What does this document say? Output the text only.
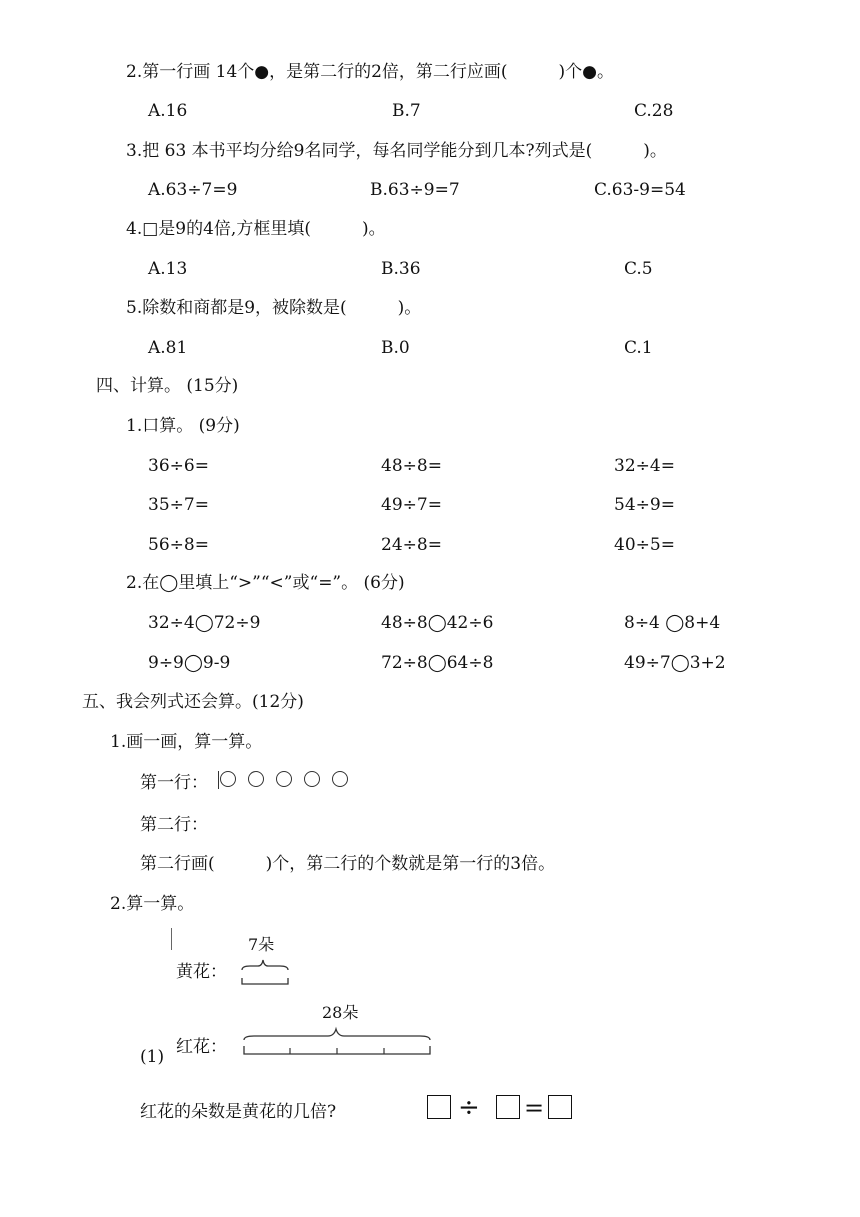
2.第一行画 14个●，是第二行的2倍，第二行应画(　　　)个●。
A.16	B.7	C.28
3.把 63 本书平均分给9名同学，每名同学能分到几本?列式是(　　　)。
A.63÷7=9	B.63÷9=7	C.63-9=54
4.□是9的4倍,方框里填(　　　)。
A.13	B.36	C.5
5.除数和商都是9，被除数是(　　　)。
A.81	B.0	C.1
四、计算。 (15分)
1.口算。 (9分)
36÷6=	48÷8=	32÷4=
35÷7=	49÷7=	54÷9=
56÷8=	24÷8=	40÷5=
2.在◯里填上“>”“<”或“=”。 (6分)
32÷4◯72÷9	48÷8◯42÷6	8÷4 ◯8+4
9÷9◯9-9	72÷8◯64÷8	49÷7◯3+2
五、我会列式还会算。(12分)
1.画一画，算一算。
第一行：
第二行：
第二行画(　　　)个，第二行的个数就是第一行的3倍。
2.算一算。
7朵
黄花：
28朵
(1) 红花：
红花的朵数是黄花的几倍?	÷ =
